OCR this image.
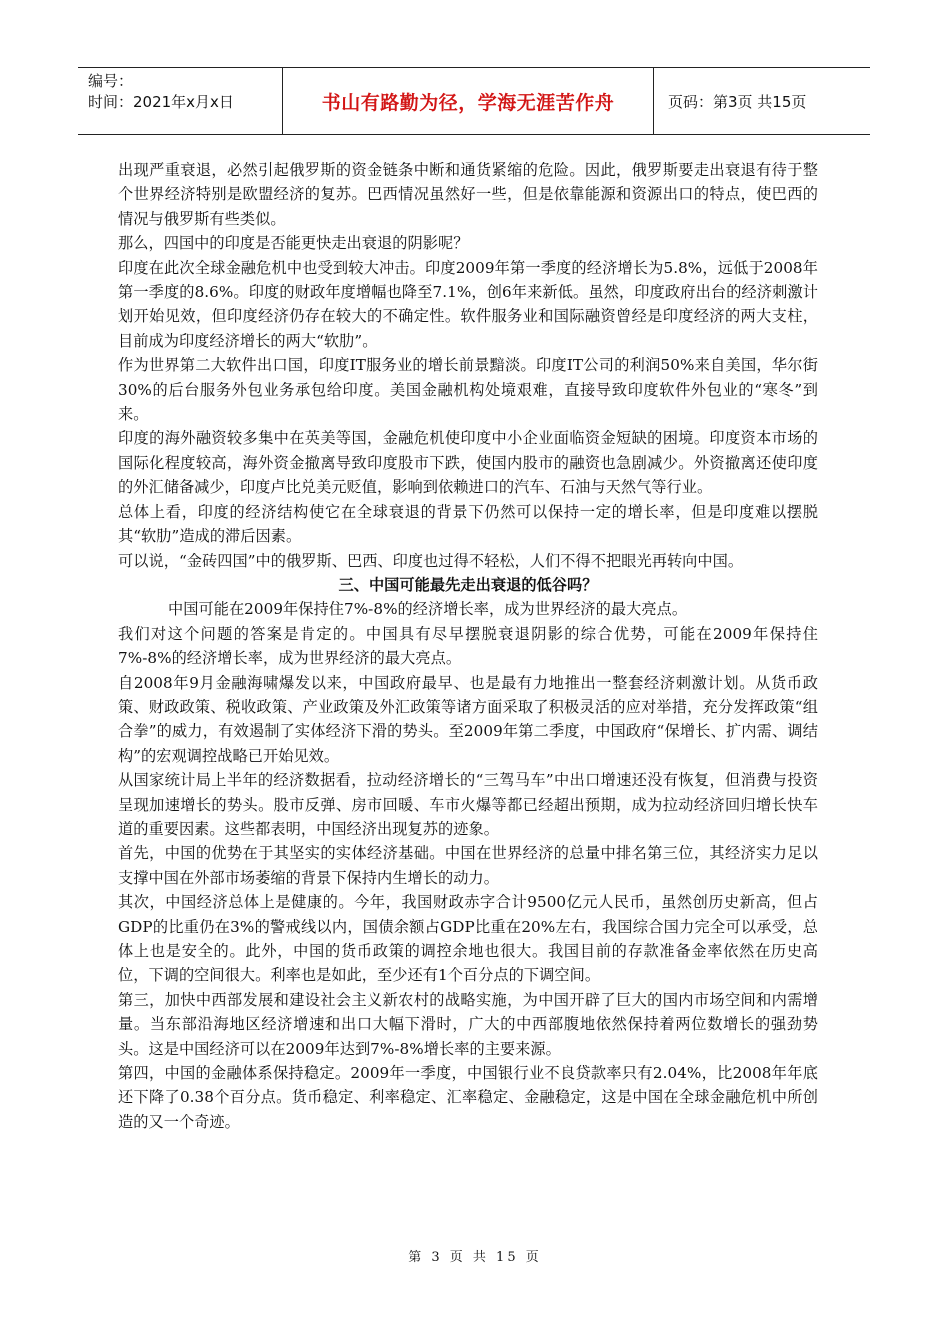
编号：
时间：2021年x月x日	书山有路勤为径，学海无涯苦作舟	页码：第3页 共15页

出现严重衰退，必然引起俄罗斯的资金链条中断和通货紧缩的危险。因此，俄罗斯要走出衰退有待于整个世界经济特别是欧盟经济的复苏。巴西情况虽然好一些，但是依靠能源和资源出口的特点，使巴西的情况与俄罗斯有些类似。

那么，四国中的印度是否能更快走出衰退的阴影呢？

印度在此次全球金融危机中也受到较大冲击。印度2009年第一季度的经济增长为5.8%，远低于2008年第一季度的8.6%。印度的财政年度增幅也降至7.1%，创6年来新低。虽然，印度政府出台的经济刺激计划开始见效，但印度经济仍存在较大的不确定性。软件服务业和国际融资曾经是印度经济的两大支柱，目前成为印度经济增长的两大“软肋”。

作为世界第二大软件出口国，印度IT服务业的增长前景黯淡。印度IT公司的利润50%来自美国，华尔街30%的后台服务外包业务承包给印度。美国金融机构处境艰难，直接导致印度软件外包业的“寒冬”到来。

印度的海外融资较多集中在英美等国，金融危机使印度中小企业面临资金短缺的困境。印度资本市场的国际化程度较高，海外资金撤离导致印度股市下跌，使国内股市的融资也急剧减少。外资撤离还使印度的外汇储备减少，印度卢比兑美元贬值，影响到依赖进口的汽车、石油与天然气等行业。

总体上看，印度的经济结构使它在全球衰退的背景下仍然可以保持一定的增长率，但是印度难以摆脱其“软肋”造成的滞后因素。

可以说，“金砖四国”中的俄罗斯、巴西、印度也过得不轻松，人们不得不把眼光再转向中国。

三、中国可能最先走出衰退的低谷吗？

中国可能在2009年保持住7%-8%的经济增长率，成为世界经济的最大亮点。

我们对这个问题的答案是肯定的。中国具有尽早摆脱衰退阴影的综合优势，可能在2009年保持住7%-8%的经济增长率，成为世界经济的最大亮点。

自2008年9月金融海啸爆发以来，中国政府最早、也是最有力地推出一整套经济刺激计划。从货币政策、财政政策、税收政策、产业政策及外汇政策等诸方面采取了积极灵活的应对举措，充分发挥政策“组合拳”的威力，有效遏制了实体经济下滑的势头。至2009年第二季度，中国政府“保增长、扩内需、调结构”的宏观调控战略已开始见效。

从国家统计局上半年的经济数据看，拉动经济增长的“三驾马车”中出口增速还没有恢复，但消费与投资呈现加速增长的势头。股市反弹、房市回暖、车市火爆等都已经超出预期，成为拉动经济回归增长快车道的重要因素。这些都表明，中国经济出现复苏的迹象。

首先，中国的优势在于其坚实的实体经济基础。中国在世界经济的总量中排名第三位，其经济实力足以支撑中国在外部市场萎缩的背景下保持内生增长的动力。

其次，中国经济总体上是健康的。今年，我国财政赤字合计9500亿元人民币，虽然创历史新高，但占GDP的比重仍在3%的警戒线以内，国债余额占GDP比重在20%左右，我国综合国力完全可以承受，总体上也是安全的。此外，中国的货币政策的调控余地也很大。我国目前的存款准备金率依然在历史高位，下调的空间很大。利率也是如此，至少还有1个百分点的下调空间。

第三，加快中西部发展和建设社会主义新农村的战略实施，为中国开辟了巨大的国内市场空间和内需增量。当东部沿海地区经济增速和出口大幅下滑时，广大的中西部腹地依然保持着两位数增长的强劲势头。这是中国经济可以在2009年达到7%-8%增长率的主要来源。

第四，中国的金融体系保持稳定。2009年一季度，中国银行业不良贷款率只有2.04%，比2008年年底还下降了0.38个百分点。货币稳定、利率稳定、汇率稳定、金融稳定，这是中国在全球金融危机中所创造的又一个奇迹。

第 3 页 共 15 页
